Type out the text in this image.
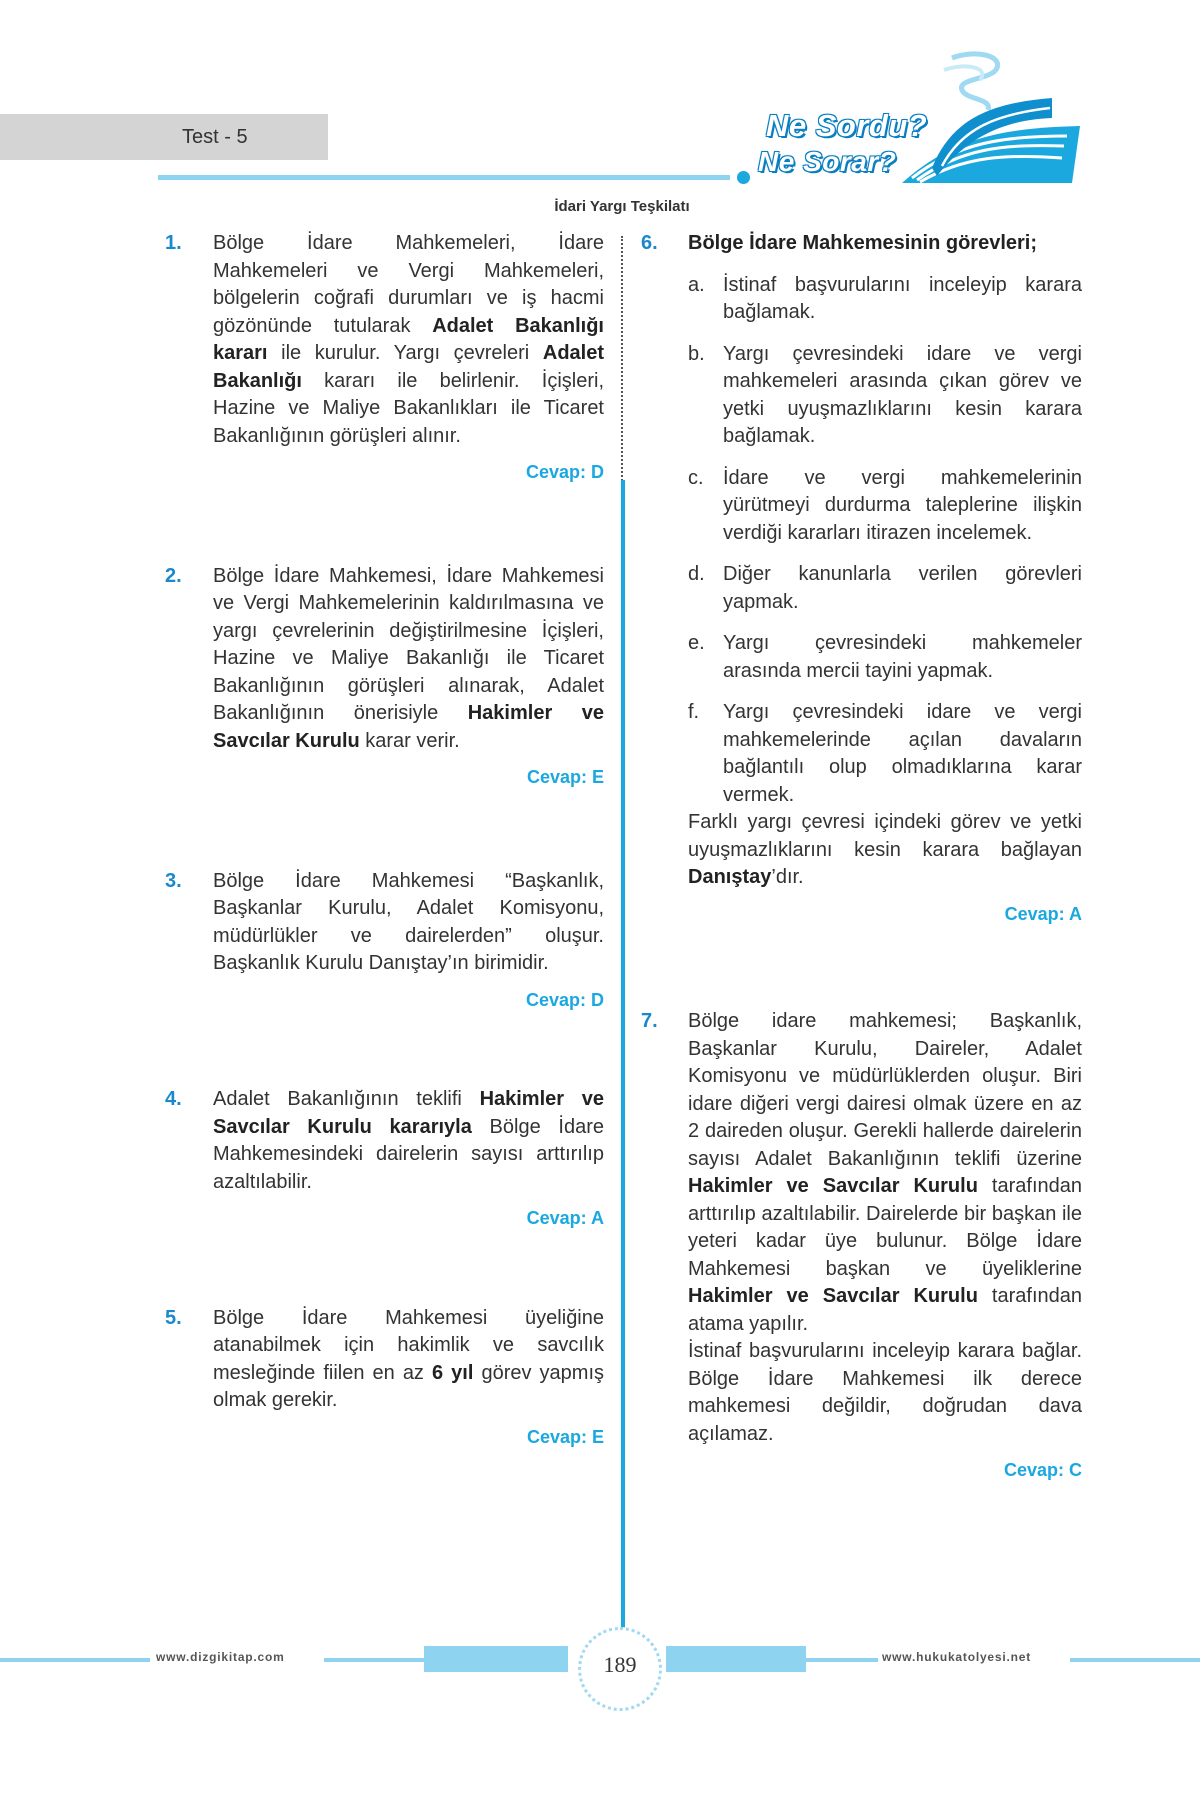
Test - 5	Ne Sordu?
Ne Sorar?
İdari Yargı Teşkilatı
1. Bölge İdare Mahkemeleri, İdare Mahkemeleri ve Vergi Mahkemeleri, bölgelerin coğrafi durumları ve iş hacmi gözönünde tutularak Adalet Bakanlığı kararı ile kurulur. Yargı çevreleri Adalet Bakanlığı kararı ile belirlenir. İçişleri, Hazine ve Maliye Bakanlıkları ile Ticaret Bakanlığının görüşleri alınır.

Cevap: D
2. Bölge İdare Mahkemesi, İdare Mahkemesi ve Vergi Mahkemelerinin kaldırılmasına ve yargı çevrelerinin değiştirilmesine İçişleri, Hazine ve Maliye Bakanlığı ile Ticaret Bakanlığının görüşleri alınarak, Adalet Bakanlığının önerisiyle Hakimler ve Savcılar Kurulu karar verir.

Cevap: E
3. Bölge İdare Mahkemesi “Başkanlık, Başkanlar Kurulu, Adalet Komisyonu, müdürlükler ve dairelerden” oluşur. Başkanlık Kurulu Danıştay’ın birimidir.

Cevap: D
4. Adalet Bakanlığının teklifi Hakimler ve Savcılar Kurulu kararıyla Bölge İdare Mahkemesindeki dairelerin sayısı arttırılıp azaltılabilir.

Cevap: A
5. Bölge İdare Mahkemesi üyeliğine atanabilmek için hakimlik ve savcılık mesleğinde fiilen en az 6 yıl görev yapmış olmak gerekir.

Cevap: E
6. Bölge İdare Mahkemesinin görevleri;

a. İstinaf başvurularını inceleyip karara bağlamak.
b. Yargı çevresindeki idare ve vergi mahkemeleri arasında çıkan görev ve yetki uyuşmazlıklarını kesin karara bağlamak.
c. İdare ve vergi mahkemelerinin yürütmeyi durdurma taleplerine ilişkin verdiği kararları itirazen incelemek.
d. Diğer kanunlarla verilen görevleri yapmak.
e. Yargı çevresindeki mahkemeler arasında mercii tayini yapmak.
f. Yargı çevresindeki idare ve vergi mahkemelerinde açılan davaların bağlantılı olup olmadıklarına karar vermek.

Farklı yargı çevresi içindeki görev ve yetki uyuşmazlıklarını kesin karara bağlayan Danıştay’dır.

Cevap: A
7. Bölge idare mahkemesi; Başkanlık, Başkanlar Kurulu, Daireler, Adalet Komisyonu ve müdürlüklerden oluşur. Biri idare diğeri vergi dairesi olmak üzere en az 2 daireden oluşur. Gerekli hallerde dairelerin sayısı Adalet Bakanlığının teklifi üzerine Hakimler ve Savcılar Kurulu tarafından arttırılıp azaltılabilir. Dairelerde bir başkan ile yeteri kadar üye bulunur. Bölge İdare Mahkemesi başkan ve üyeliklerine Hakimler ve Savcılar Kurulu tarafından atama yapılır.

İstinaf başvurularını inceleyip karara bağlar. Bölge İdare Mahkemesi ilk derece mahkemesi değildir, doğrudan dava açılamaz.

Cevap: C
www.dizgikitap.com	189	www.hukukatolyesi.net
